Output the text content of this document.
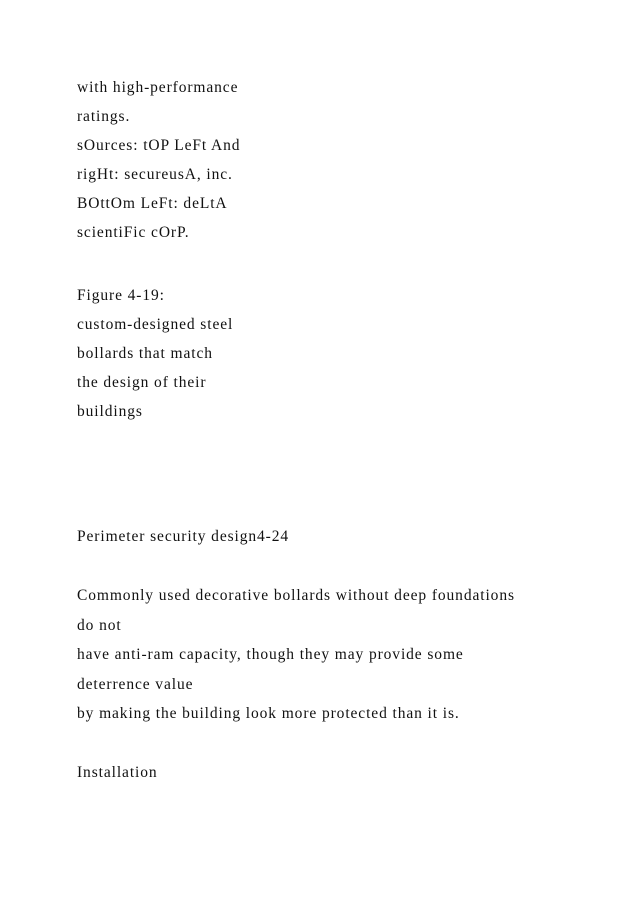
with high-performance
ratings.
sOurces: tOP LeFt And
rigHt: secureusA, inc.
BOttOm LeFt: deLtA
scientiFic cOrP.
Figure 4-19:
custom-designed steel
bollards that match
the design of their
buildings
Perimeter security design4-24
Commonly used decorative bollards without deep foundations
do not
have anti-ram capacity, though they may provide some
deterrence value
by making the building look more protected than it is.
Installation
